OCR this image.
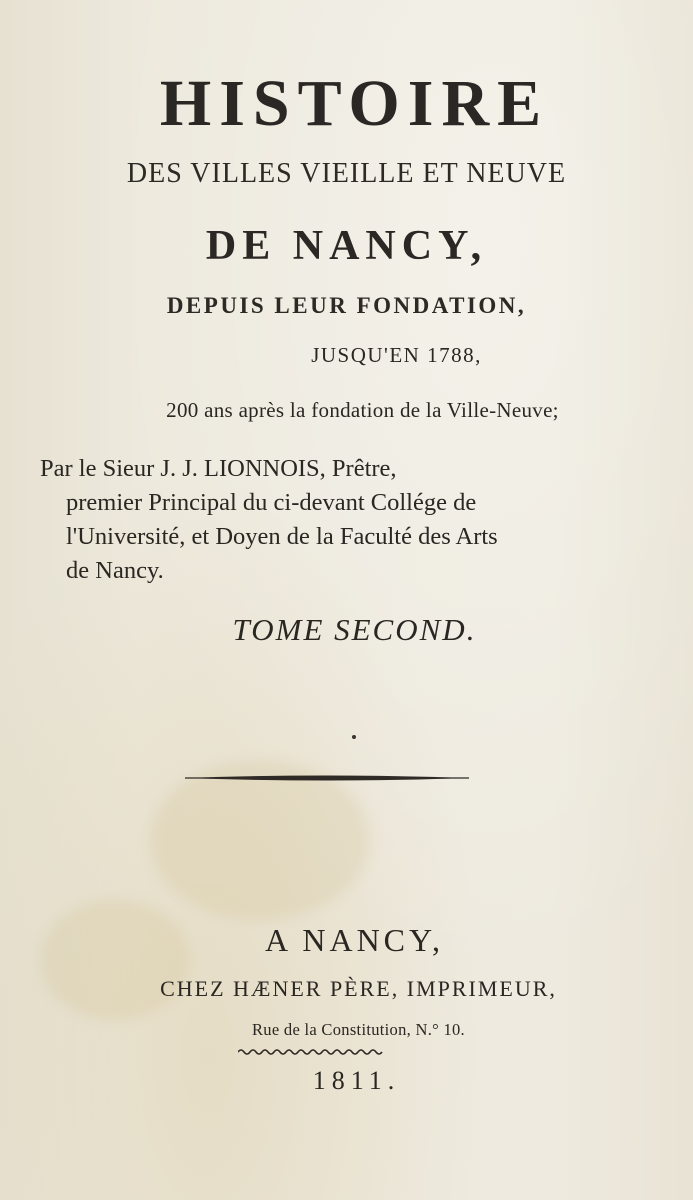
HISTOIRE
DES VILLES VIEILLE ET NEUVE
DE NANCY,
DEPUIS LEUR FONDATION,
JUSQU'EN 1788,
200 ans après la fondation de la Ville-Neuve;
Par le Sieur J. J. LIONNOIS, Prêtre,
premier Principal du ci-devant Collége de
l'Université, et Doyen de la Faculté des Arts
de Nancy.
TOME SECOND.
A NANCY,
CHEZ HÆNER PÈRE, IMPRIMEUR,
Rue de la Constitution, N.° 10.
1811.
